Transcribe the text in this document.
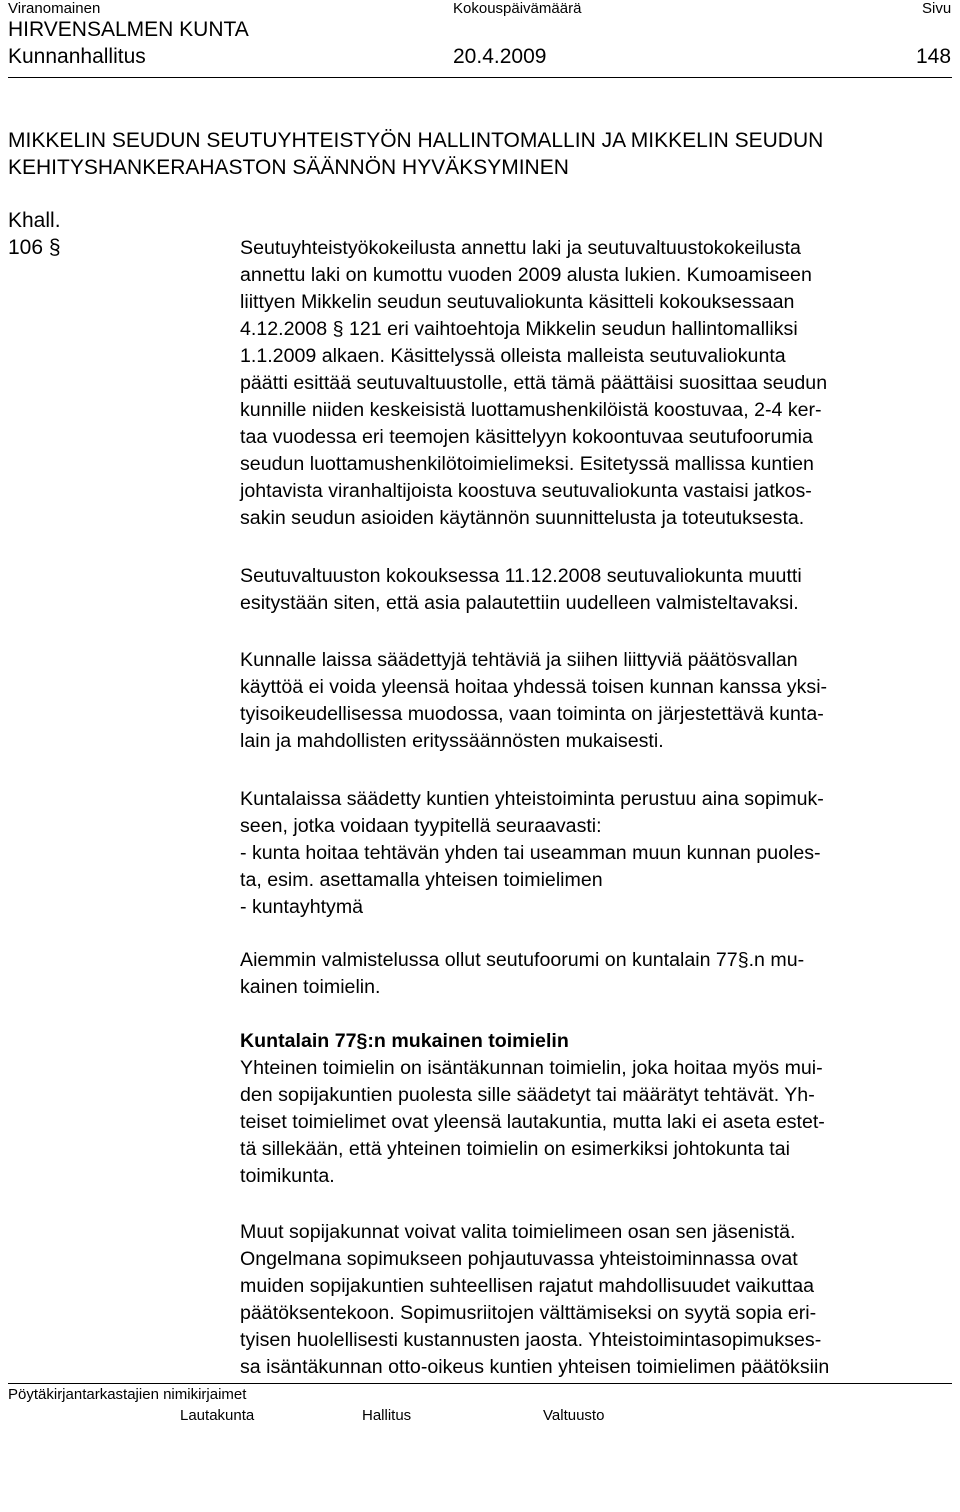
Viranomainen	Kokouspäivämäärä	Sivu
HIRVENSALMEN KUNTA
Kunnanhallitus	20.4.2009	148
MIKKELIN SEUDUN SEUTUYHTEISTYÖN HALLINTOMALLIN JA MIKKELIN SEUDUN
KEHITYSHANKERAHASTON SÄÄNNÖN HYVÄKSYMINEN
Khall.
106 §	Seutuyhteistyökokeilusta annettu laki ja seutuvaltuustokokeilusta
annettu laki on kumottu vuoden 2009 alusta lukien. Kumoamiseen
liittyen Mikkelin seudun seutuvaliokunta käsitteli kokouksessaan
4.12.2008 § 121 eri vaihtoehtoja Mikkelin seudun hallintomalliksi
1.1.2009 alkaen. Käsittelyssä olleista malleista seutuvaliokunta
päätti esittää seutuvaltuustolle, että tämä päättäisi suosittaa seudun
kunnille niiden keskeisistä luottamushenkilöistä koostuvaa, 2-4 ker-
taa vuodessa eri teemojen käsittelyyn kokoontuvaa seutufoorumia
seudun luottamushenkilötoimielimeksi. Esitetyssä mallissa kuntien
johtavista viranhaltijoista koostuva seutuvaliokunta vastaisi jatkos-
sakin seudun asioiden käytännön suunnittelusta ja toteutuksesta.
Seutuvaltuuston kokouksessa 11.12.2008 seutuvaliokunta muutti
esitystään siten, että asia palautettiin uudelleen valmisteltavaksi.
Kunnalle laissa säädettyjä tehtäviä ja siihen liittyviä päätösvallan
käyttöä ei voida yleensä hoitaa yhdessä toisen kunnan kanssa yksi-
tyisoikeudellisessa muodossa, vaan toiminta on järjestettävä kunta-
lain ja mahdollisten erityssäännösten mukaisesti.
Kuntalaissa säädetty kuntien yhteistoiminta perustuu aina sopimuk-
seen, jotka voidaan tyypitellä seuraavasti:
- kunta hoitaa tehtävän yhden tai useamman muun kunnan puoles-
ta, esim. asettamalla yhteisen toimielimen
- kuntayhtymä
Aiemmin valmistelussa ollut seutufoorumi on kuntalain 77§.n mu-
kainen toimielin.
Kuntalain 77§:n mukainen toimielin
Yhteinen toimielin on isäntäkunnan toimielin, joka hoitaa myös mui-
den sopijakuntien puolesta sille säädetyt tai määrätyt tehtävät. Yh-
teiset toimielimet ovat yleensä lautakuntia, mutta laki ei aseta estet-
tä sillekään, että yhteinen toimielin on esimerkiksi johtokunta tai
toimikunta.
Muut sopijakunnat voivat valita toimielimeen osan sen jäsenistä.
Ongelmana sopimukseen pohjautuvassa yhteistoiminnassa ovat
muiden sopijakuntien suhteellisen rajatut mahdollisuudet vaikuttaa
päätöksentekoon. Sopimusriitojen välttämiseksi on syytä sopia eri-
tyisen huolellisesti kustannusten jaosta. Yhteistoimintasopimukses-
sa isäntäkunnan otto-oikeus kuntien yhteisen toimielimen päätöksiin
Pöytäkirjantarkastajien nimikirjaimet
Lautakunta	Hallitus	Valtuusto
